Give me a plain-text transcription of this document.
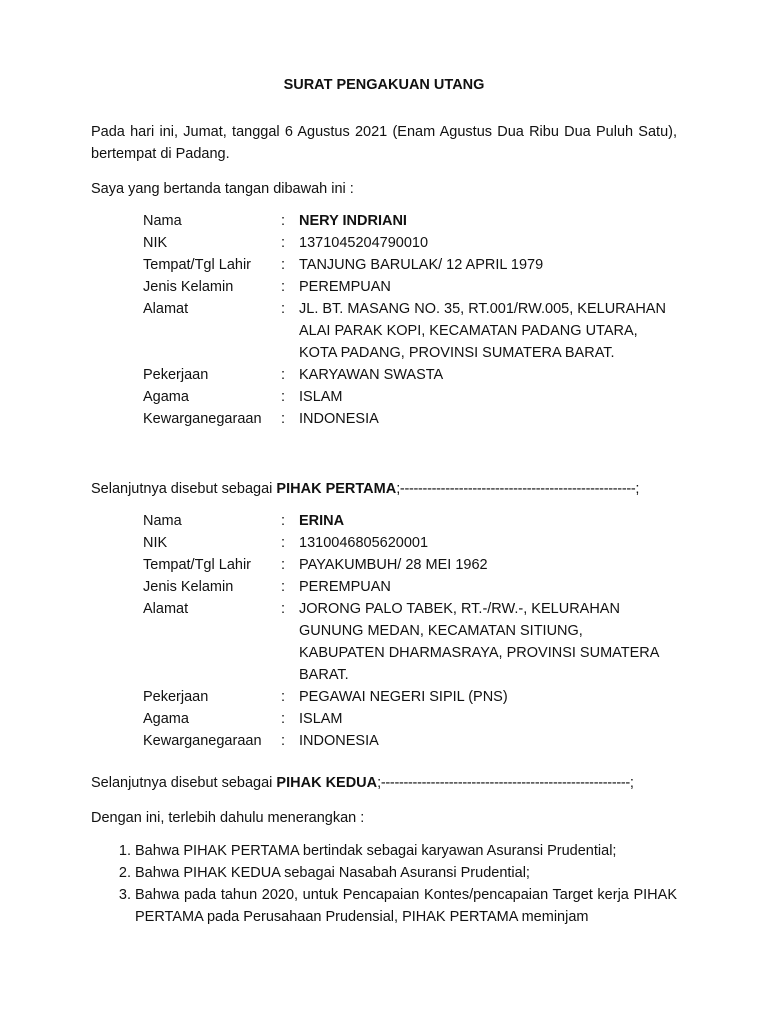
SURAT PENGAKUAN UTANG
Pada hari ini, Jumat, tanggal 6 Agustus 2021 (Enam Agustus Dua Ribu Dua Puluh Satu), bertempat di Padang.
Saya yang bertanda tangan dibawah ini :
Nama	:	NERY INDRIANI
NIK	:	1371045204790010
Tempat/Tgl Lahir	:	TANJUNG BARULAK/ 12 APRIL 1979
Jenis Kelamin	:	PEREMPUAN
Alamat	:	JL. BT. MASANG NO. 35, RT.001/RW.005, KELURAHAN ALAI PARAK KOPI, KECAMATAN PADANG UTARA, KOTA PADANG, PROVINSI SUMATERA BARAT.
Pekerjaan	:	KARYAWAN SWASTA
Agama	:	ISLAM
Kewarganegaraan	:	INDONESIA
Selanjutnya disebut sebagai PIHAK PERTAMA;----------------------------------------------------;
Nama	:	ERINA
NIK	:	1310046805620001
Tempat/Tgl Lahir	:	PAYAKUMBUH/ 28 MEI 1962
Jenis Kelamin	:	PEREMPUAN
Alamat	:	JORONG PALO TABEK, RT.-/RW.-, KELURAHAN GUNUNG MEDAN, KECAMATAN SITIUNG, KABUPATEN DHARMASRAYA, PROVINSI SUMATERA BARAT.
Pekerjaan	:	PEGAWAI NEGERI SIPIL (PNS)
Agama	:	ISLAM
Kewarganegaraan	:	INDONESIA
Selanjutnya disebut sebagai PIHAK KEDUA;-------------------------------------------------------;
Dengan ini, terlebih dahulu menerangkan :
1. Bahwa PIHAK PERTAMA bertindak sebagai karyawan Asuransi Prudential;
2. Bahwa PIHAK KEDUA sebagai Nasabah Asuransi Prudential;
3. Bahwa pada tahun 2020, untuk Pencapaian Kontes/pencapaian Target kerja PIHAK PERTAMA pada Perusahaan Prudensial, PIHAK PERTAMA meminjam
